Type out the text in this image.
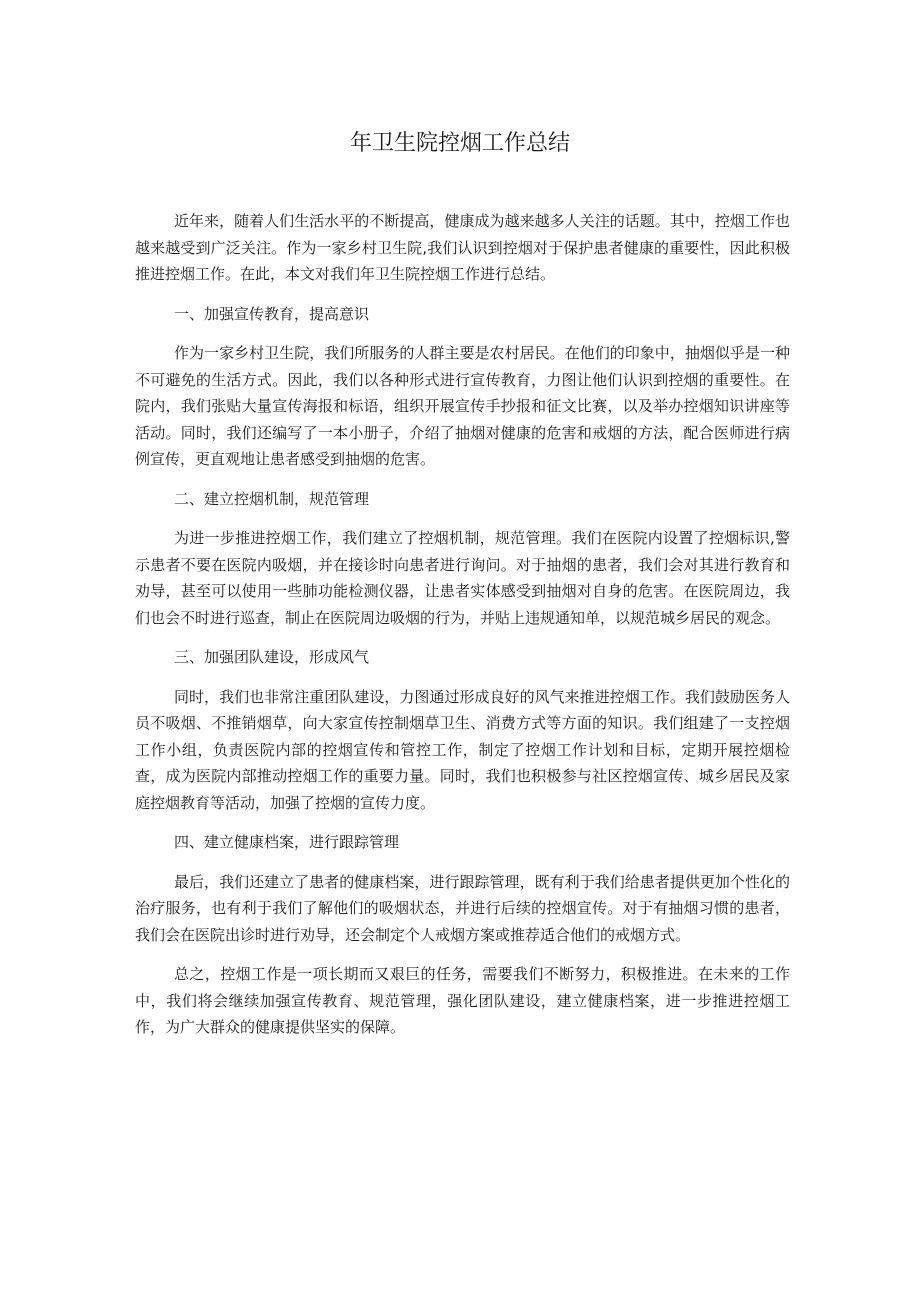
年卫生院控烟工作总结

近年来，随着人们生活水平的不断提高，健康成为越来越多人关注的话题。其中，控烟工作也越来越受到广泛关注。作为一家乡村卫生院,我们认识到控烟对于保护患者健康的重要性，因此积极推进控烟工作。在此，本文对我们年卫生院控烟工作进行总结。

一、加强宣传教育，提高意识

作为一家乡村卫生院，我们所服务的人群主要是农村居民。在他们的印象中，抽烟似乎是一种不可避免的生活方式。因此，我们以各种形式进行宣传教育，力图让他们认识到控烟的重要性。在院内，我们张贴大量宣传海报和标语，组织开展宣传手抄报和征文比赛，以及举办控烟知识讲座等活动。同时，我们还编写了一本小册子，介绍了抽烟对健康的危害和戒烟的方法，配合医师进行病例宣传，更直观地让患者感受到抽烟的危害。

二、建立控烟机制，规范管理

为进一步推进控烟工作，我们建立了控烟机制，规范管理。我们在医院内设置了控烟标识,警示患者不要在医院内吸烟，并在接诊时向患者进行询问。对于抽烟的患者，我们会对其进行教育和劝导，甚至可以使用一些肺功能检测仪器，让患者实体感受到抽烟对自身的危害。在医院周边，我们也会不时进行巡查，制止在医院周边吸烟的行为，并贴上违规通知单，以规范城乡居民的观念。

三、加强团队建设，形成风气

同时，我们也非常注重团队建设，力图通过形成良好的风气来推进控烟工作。我们鼓励医务人员不吸烟、不推销烟草，向大家宣传控制烟草卫生、消费方式等方面的知识。我们组建了一支控烟工作小组，负责医院内部的控烟宣传和管控工作，制定了控烟工作计划和目标，定期开展控烟检查，成为医院内部推动控烟工作的重要力量。同时，我们也积极参与社区控烟宣传、城乡居民及家庭控烟教育等活动，加强了控烟的宣传力度。

四、建立健康档案，进行跟踪管理

最后，我们还建立了患者的健康档案，进行跟踪管理，既有利于我们给患者提供更加个性化的治疗服务，也有利于我们了解他们的吸烟状态，并进行后续的控烟宣传。对于有抽烟习惯的患者，我们会在医院出诊时进行劝导，还会制定个人戒烟方案或推荐适合他们的戒烟方式。

总之，控烟工作是一项长期而又艰巨的任务，需要我们不断努力，积极推进。在未来的工作中，我们将会继续加强宣传教育、规范管理，强化团队建设，建立健康档案，进一步推进控烟工作，为广大群众的健康提供坚实的保障。
